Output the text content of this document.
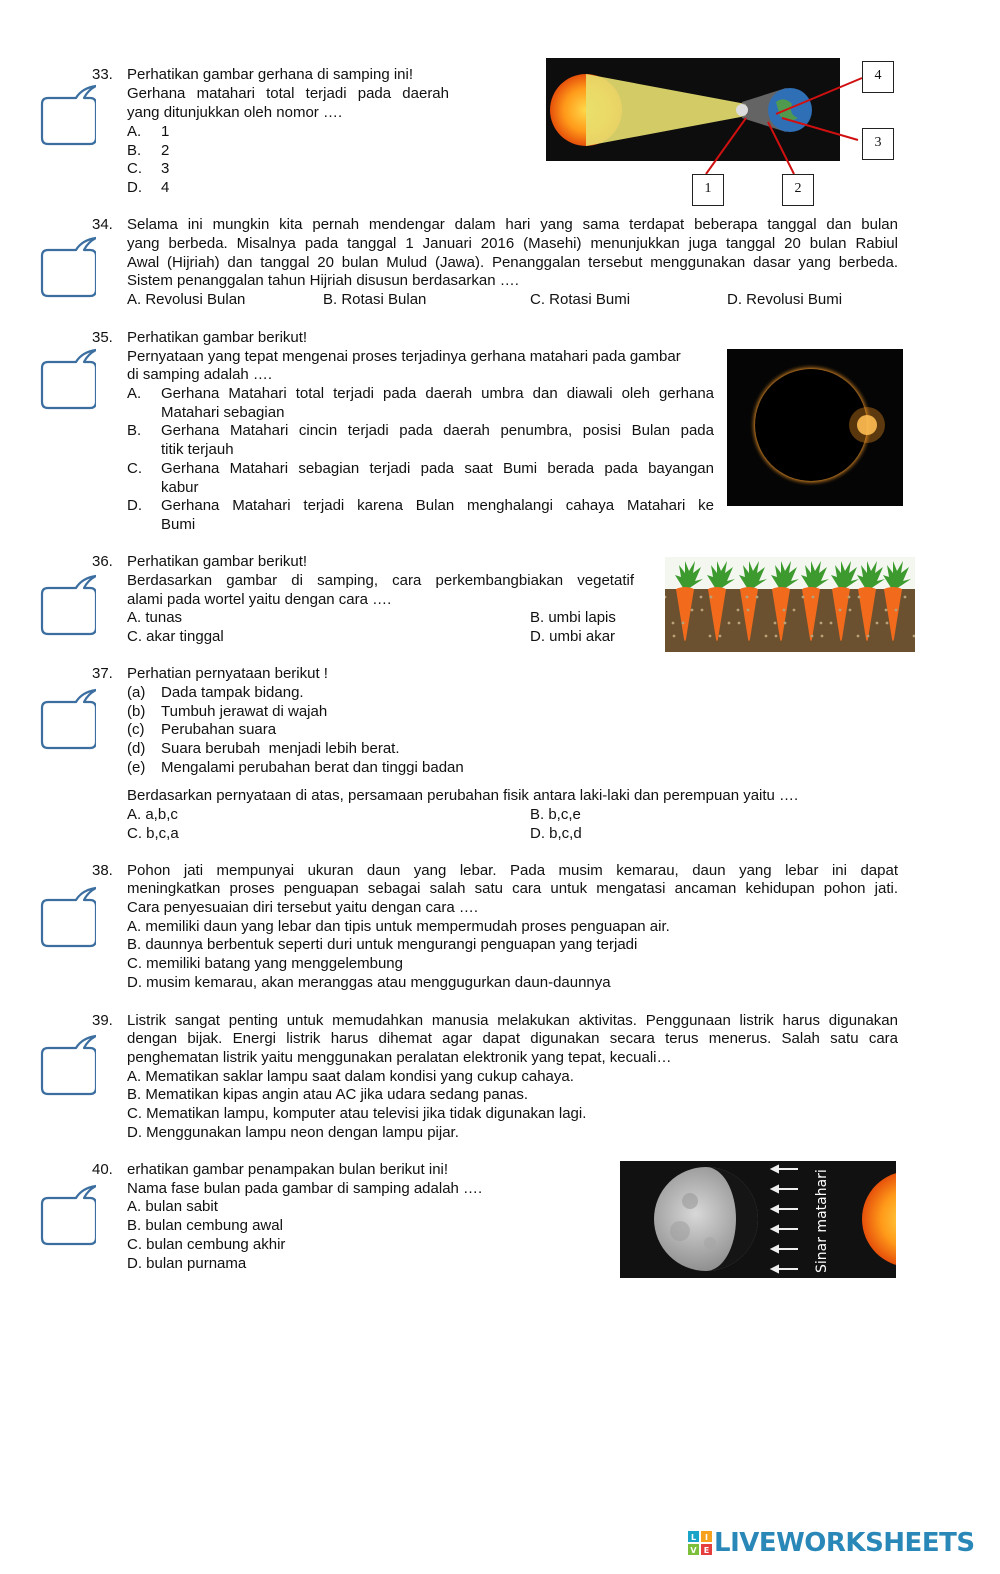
33. Perhatikan gambar gerhana di samping ini!
Gerhana matahari total terjadi pada daerah
yang ditunjukkan oleh nomor ….
A. 1
B. 2
C. 3
D. 4
4
3
1	2
34. Selama ini mungkin kita pernah mendengar dalam hari yang sama terdapat beberapa tanggal dan bulan
yang berbeda. Misalnya pada tanggal 1 Januari 2016 (Masehi) menunjukkan juga tanggal 20 bulan Rabiul
Awal (Hijriah) dan tanggal 20 bulan Mulud (Jawa). Penanggalan tersebut menggunakan dasar yang berbeda.
Sistem penanggalan tahun Hijriah disusun berdasarkan ….
A. Revolusi Bulan	B. Rotasi Bulan	C. Rotasi Bumi	D. Revolusi Bumi
35. Perhatikan gambar berikut!
Pernyataan yang tepat mengenai proses terjadinya gerhana matahari pada gambar
di samping adalah ….
A. Gerhana Matahari total terjadi pada daerah umbra dan diawali oleh gerhana
Matahari sebagian
B. Gerhana Matahari cincin terjadi pada daerah penumbra, posisi Bulan pada
titik terjauh
C. Gerhana Matahari sebagian terjadi pada saat Bumi berada pada bayangan
kabur
D. Gerhana Matahari terjadi karena Bulan menghalangi cahaya Matahari ke
Bumi
36. Perhatikan gambar berikut!
Berdasarkan gambar di samping, cara perkembangbiakan vegetatif
alami pada wortel yaitu dengan cara ….
A. tunas	B. umbi lapis
C. akar tinggal	D. umbi akar
37. Perhatian pernyataan berikut !
(a) Dada tampak bidang.
(b) Tumbuh jerawat di wajah
(c) Perubahan suara
(d) Suara berubah  menjadi lebih berat.
(e) Mengalami perubahan berat dan tinggi badan
Berdasarkan pernyataan di atas, persamaan perubahan fisik antara laki-laki dan perempuan yaitu ….
A. a,b,c	B. b,c,e
C. b,c,a	D. b,c,d
38. Pohon jati mempunyai ukuran daun yang lebar. Pada musim kemarau, daun yang lebar ini dapat
meningkatkan proses penguapan sebagai salah satu cara untuk mengatasi ancaman kehidupan pohon jati.
Cara penyesuaian diri tersebut yaitu dengan cara ….
A. memiliki daun yang lebar dan tipis untuk mempermudah proses penguapan air.
B. daunnya berbentuk seperti duri untuk mengurangi penguapan yang terjadi
C. memiliki batang yang menggelembung
D. musim kemarau, akan meranggas atau menggugurkan daun-daunnya
39. Listrik sangat penting untuk memudahkan manusia melakukan aktivitas. Penggunaan listrik harus digunakan
dengan bijak. Energi listrik harus dihemat agar dapat digunakan secara terus menerus. Salah satu cara
penghematan listrik yaitu menggunakan peralatan elektronik yang tepat, kecuali…
A. Mematikan saklar lampu saat dalam kondisi yang cukup cahaya.
B. Mematikan kipas angin atau AC jika udara sedang panas.
C. Mematikan lampu, komputer atau televisi jika tidak digunakan lagi.
D. Menggunakan lampu neon dengan lampu pijar.
40. erhatikan gambar penampakan bulan berikut ini!
Nama fase bulan pada gambar di samping adalah ….
A. bulan sabit
B. bulan cembung awal
C. bulan cembung akhir
D. bulan purnama	Sinar matahari
L I
V E LIVEWORKSHEETS
